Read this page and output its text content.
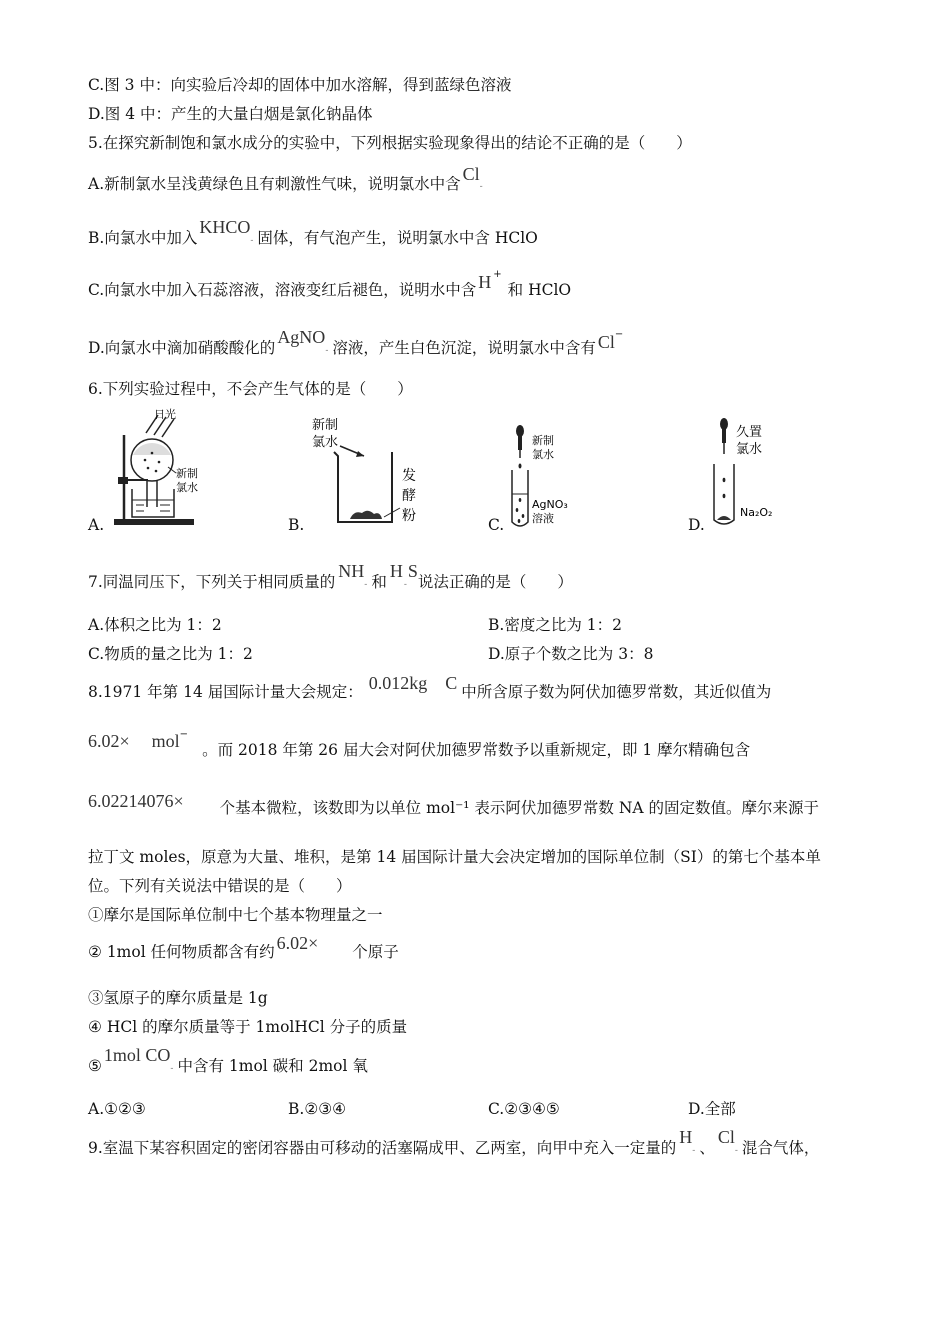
C.图 3 中：向实验后冷却的固体中加水溶解，得到蓝绿色溶液
D.图 4 中：产生的大量白烟是氯化钠晶体
5.在探究新制饱和氯水成分的实验中，下列根据实验现象得出的结论不正确的是（　　）
A.新制氯水呈浅黄绿色且有刺激性气味，说明氯水中含 Cl-
B.向氯水中加入KHCO- 固体，有气泡产生，说明氯水中含 HClO
C.向氯水中加入石蕊溶液，溶液变红后褪色，说明水中含 H +和 HClO
D.向氯水中滴加硝酸酸化的AgNO- 溶液，产生白色沉淀，说明氯水中含有 Cl−
6.下列实验过程中，不会产生气体的是（　　）
日光
新制
氯水
A.
新制
氯水
发
酵
粉
B.
新制
氯水
AgNO₃
溶液
C.
久置
氯水
Na₂O₂
D.
7.同温同压下，下列关于相同质量的NH- 和H-S说法正确的是（　　）
A.体积之比为 1：2	B.密度之比为 1：2
C.物质的量之比为 1：2	D.原子个数之比为 3：8
8.1971 年第 14 届国际计量大会规定： 0.012kg C 中所含原子数为阿伏加德罗常数，其近似值为
6.02× mol−。而 2018 年第 26 届大会对阿伏加德罗常数予以重新规定，即 1 摩尔精确包含
6.02214076× 个基本微粒，该数即为以单位 mol⁻¹ 表示阿伏加德罗常数 NA 的固定数值。摩尔来源于
拉丁文 moles，原意为大量、堆积，是第 14 届国际计量大会决定增加的国际单位制（SI）的第七个基本单
位。下列有关说法中错误的是（　　）
①摩尔是国际单位制中七个基本物理量之一
② 1mol 任何物质都含有约 6.02× 个原子
③氢原子的摩尔质量是 1g
④ HCl 的摩尔质量等于 1molHCl 分子的质量
⑤1mol CO- 中含有 1mol 碳和 2mol 氧
A.①②③	B.②③④	C.②③④⑤	D.全部
9.室温下某容积固定的密闭容器由可移动的活塞隔成甲、乙两室，向甲中充入一定量的H- 、Cl- 混合气体，
